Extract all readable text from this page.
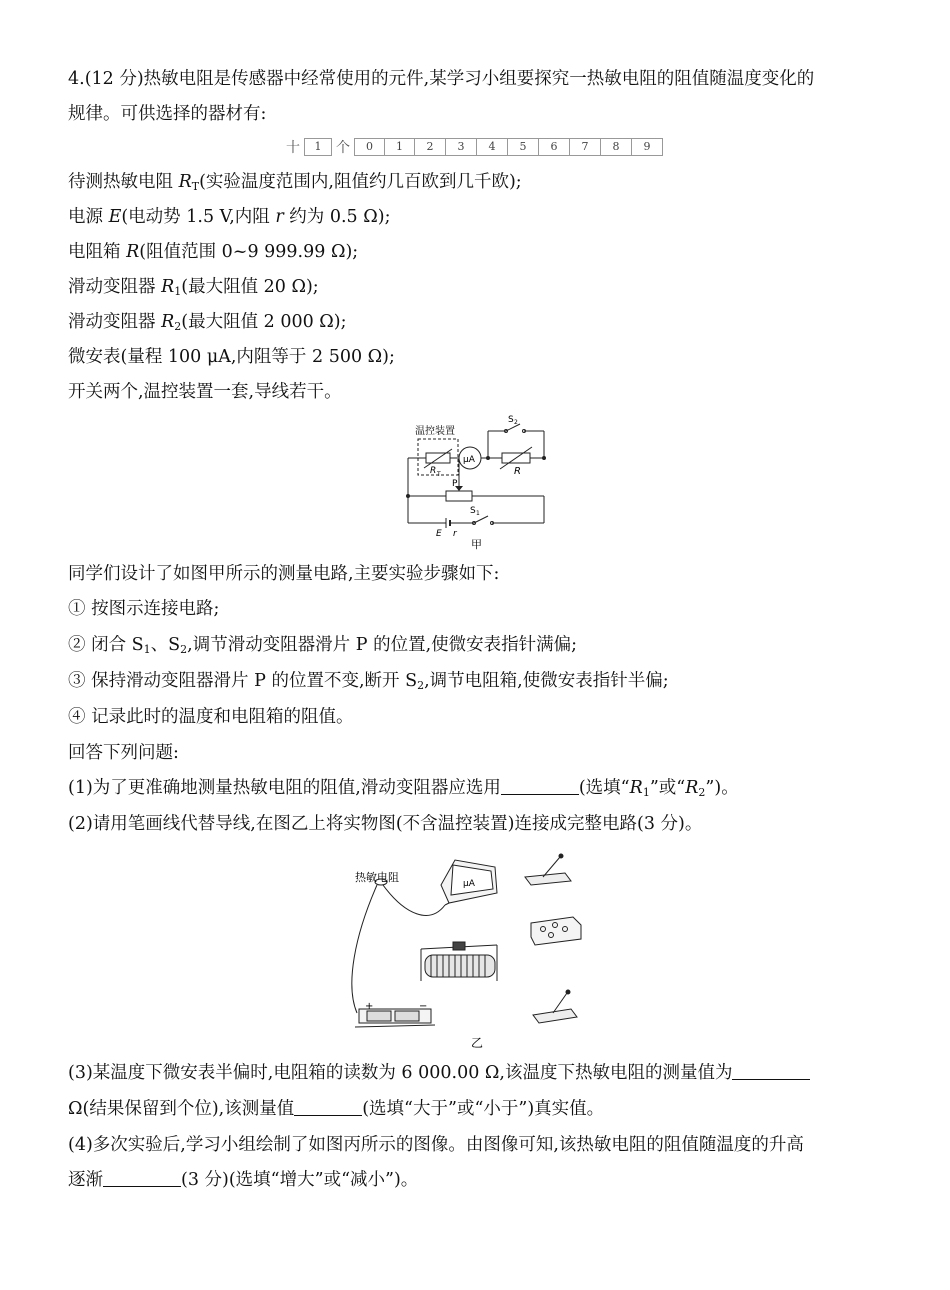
4.(12 分)热敏电阻是传感器中经常使用的元件,某学习小组要探究一热敏电阻的阻值随温度变化的
规律。可供选择的器材有:
十	1	个	0	1	2	3	4	5	6	7	8	9
待测热敏电阻 $R_T$(实验温度范围内,阻值约几百欧到几千欧);
电源 E(电动势 1.5 V,内阻 r 约为 0.5 Ω);
电阻箱 R(阻值范围 0~9 999.99 Ω);
滑动变阻器 $R_1$(最大阻值 20 Ω);
滑动变阻器 $R_2$(最大阻值 2 000 Ω);
微安表(量程 100 μA,内阻等于 2 500 Ω);
开关两个,温控装置一套,导线若干。
温控装置
R T
μA
R
S 2
P
S 1
E r
甲
同学们设计了如图甲所示的测量电路,主要实验步骤如下:
① 按图示连接电路;
② 闭合 $S_1$、$S_2$,调节滑动变阻器滑片 P 的位置,使微安表指针满偏;
③ 保持滑动变阻器滑片 P 的位置不变,断开 $S_2$,调节电阻箱,使微安表指针半偏;
④ 记录此时的温度和电阻箱的阻值。
回答下列问题:
(1)为了更准确地测量热敏电阻的阻值,滑动变阻器应选用	(选填“$R_1$”或“$R_2$”)。
(2)请用笔画线代替导线,在图乙上将实物图(不含温控装置)连接成完整电路(3 分)。
热敏电阻	μA
+	−
乙
(3)某温度下微安表半偏时,电阻箱的读数为 6 000.00 Ω,该温度下热敏电阻的测量值为
Ω(结果保留到个位),该测量值	(选填“大于”或“小于”)真实值。
(4)多次实验后,学习小组绘制了如图丙所示的图像。由图像可知,该热敏电阻的阻值随温度的升高
逐渐	(3 分)(选填“增大”或“减小”)。
